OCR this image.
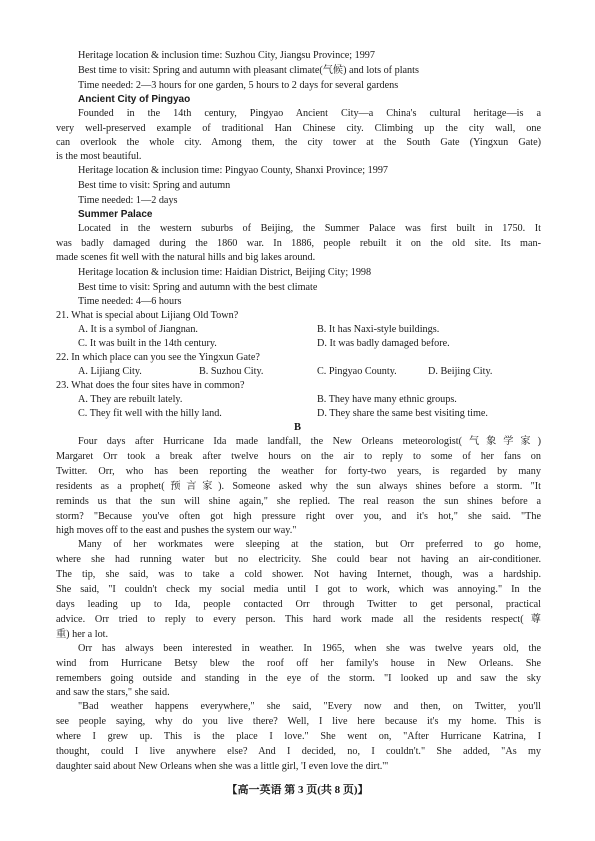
Heritage location & inclusion time: Suzhou City, Jiangsu Province; 1997
Best time to visit: Spring and autumn with pleasant climate(气候) and lots of plants
Time needed: 2—3 hours for one garden, 5 hours to 2 days for several gardens
Ancient City of Pingyao
Founded in the 14th century, Pingyao Ancient City—a China's cultural heritage—is a
very well-preserved example of traditional Han Chinese city. Climbing up the city wall, one
can overlook the whole city. Among them, the city tower at the South Gate (Yingxun Gate)
is the most beautiful.
Heritage location & inclusion time: Pingyao County, Shanxi Province; 1997
Best time to visit: Spring and autumn
Time needed: 1—2 days
Summer Palace
Located in the western suburbs of Beijing, the Summer Palace was first built in 1750. It
was badly damaged during the 1860 war. In 1886, people rebuilt it on the old site. Its man-
made scenes fit well with the natural hills and big lakes around.
Heritage location & inclusion time: Haidian District, Beijing City; 1998
Best time to visit: Spring and autumn with the best climate
Time needed: 4—6 hours
21. What is special about Lijiang Old Town?
A. It is a symbol of Jiangnan.	B. It has Naxi-style buildings.
C. It was built in the 14th century.	D. It was badly damaged before.
22. In which place can you see the Yingxun Gate?
A. Lijiang City.	B. Suzhou City.	C. Pingyao County.	D. Beijing City.
23. What does the four sites have in common?
A. They are rebuilt lately.	B. They have many ethnic groups.
C. They fit well with the hilly land.	D. They share the same best visiting time.
B
Four days after Hurricane Ida made landfall, the New Orleans meteorologist(气象学家)
Margaret Orr took a break after twelve hours on the air to reply to some of her fans on
Twitter. Orr, who has been reporting the weather for forty-two years, is regarded by many
residents as a prophet(预言家). Someone asked why the sun always shines before a storm. "It
reminds us that the sun will shine again," she replied. The real reason the sun shines before a
storm? "Because you've often got high pressure right over you, and it's hot," she said. "The
high moves off to the east and pushes the system our way."
Many of her workmates were sleeping at the station, but Orr preferred to go home,
where she had running water but no electricity. She could bear not having an air-conditioner.
The tip, she said, was to take a cold shower. Not having Internet, though, was a hardship.
She said, "I couldn't check my social media until I got to work, which was annoying." In the
days leading up to Ida, people contacted Orr through Twitter to get personal, practical
advice. Orr tried to reply to every person. This hard work made all the residents respect(尊
重) her a lot.
Orr has always been interested in weather. In 1965, when she was twelve years old, the
wind from Hurricane Betsy blew the roof off her family's house in New Orleans. She
remembers going outside and standing in the eye of the storm. "I looked up and saw the sky
and saw the stars," she said.
"Bad weather happens everywhere," she said, "Every now and then, on Twitter, you'll
see people saying, why do you live there? Well, I live here because it's my home. This is
where I grew up. This is the place I love." She went on, "After Hurricane Katrina, I
thought, could I live anywhere else? And I decided, no, I couldn't." She added, "As my
daughter said about New Orleans when she was a little girl, 'I even love the dirt.'"
【高一英语 第 3 页(共 8 页)】
